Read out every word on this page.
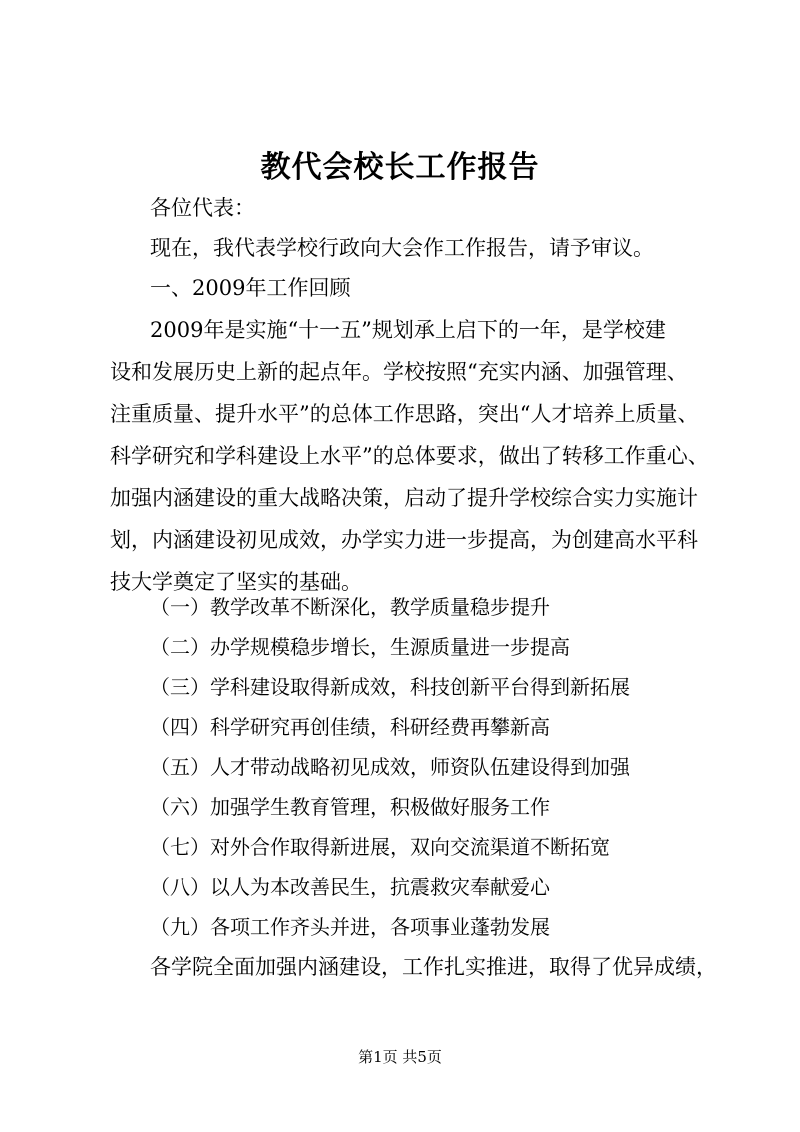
教代会校长工作报告
各位代表：
现在，我代表学校行政向大会作工作报告，请予审议。
一、2009年工作回顾
2009年是实施“十一五”规划承上启下的一年，是学校建
设和发展历史上新的起点年。学校按照“充实内涵、加强管理、
注重质量、提升水平”的总体工作思路，突出“人才培养上质量、
科学研究和学科建设上水平”的总体要求，做出了转移工作重心、
加强内涵建设的重大战略决策，启动了提升学校综合实力实施计
划，内涵建设初见成效，办学实力进一步提高，为创建高水平科
技大学奠定了坚实的基础。
（一）教学改革不断深化，教学质量稳步提升
（二）办学规模稳步增长，生源质量进一步提高
（三）学科建设取得新成效，科技创新平台得到新拓展
（四）科学研究再创佳绩，科研经费再攀新高
（五）人才带动战略初见成效，师资队伍建设得到加强
（六）加强学生教育管理，积极做好服务工作
（七）对外合作取得新进展，双向交流渠道不断拓宽
（八）以人为本改善民生，抗震救灾奉献爱心
（九）各项工作齐头并进，各项事业蓬勃发展
各学院全面加强内涵建设，工作扎实推进，取得了优异成绩，
第1页 共5页
